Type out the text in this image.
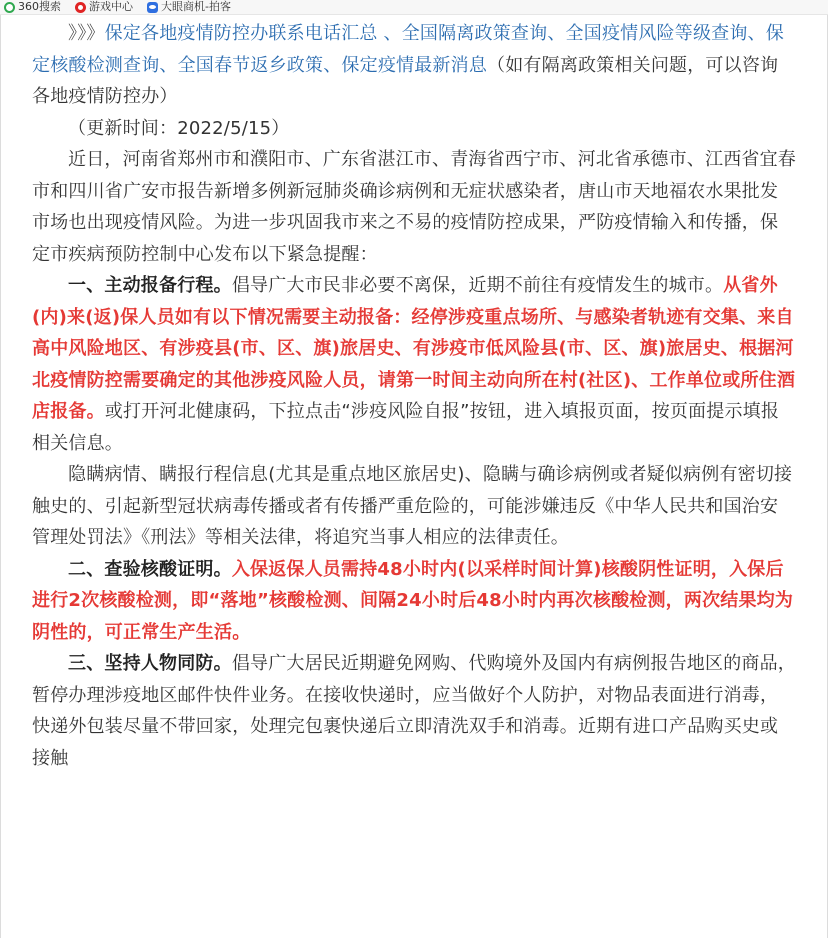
360搜索	游戏中心	大眼商机-拍客

》》》保定各地疫情防控办联系电话汇总 、全国隔离政策查询、全国疫情风险等级查询、保定核酸检测查询、全国春节返乡政策、保定疫情最新消息（如有隔离政策相关问题，可以咨询各地疫情防控办）

（更新时间：2022/5/15）

近日，河南省郑州市和濮阳市、广东省湛江市、青海省西宁市、河北省承德市、江西省宜春市和四川省广安市报告新增多例新冠肺炎确诊病例和无症状感染者，唐山市天地福农水果批发市场也出现疫情风险。为进一步巩固我市来之不易的疫情防控成果，严防疫情输入和传播，保定市疾病预防控制中心发布以下紧急提醒：

一、主动报备行程。倡导广大市民非必要不离保，近期不前往有疫情发生的城市。从省外(内)来(返)保人员如有以下情况需要主动报备：经停涉疫重点场所、与感染者轨迹有交集、来自高中风险地区、有涉疫县(市、区、旗)旅居史、有涉疫市低风险县(市、区、旗)旅居史、根据河北疫情防控需要确定的其他涉疫风险人员，请第一时间主动向所在村(社区)、工作单位或所住酒店报备。或打开河北健康码，下拉点击“涉疫风险自报”按钮，进入填报页面，按页面提示填报相关信息。

隐瞒病情、瞒报行程信息(尤其是重点地区旅居史)、隐瞒与确诊病例或者疑似病例有密切接触史的、引起新型冠状病毒传播或者有传播严重危险的，可能涉嫌违反《中华人民共和国治安管理处罚法》《刑法》等相关法律，将追究当事人相应的法律责任。

二、查验核酸证明。入保返保人员需持48小时内(以采样时间计算)核酸阴性证明，入保后进行2次核酸检测，即“落地”核酸检测、间隔24小时后48小时内再次核酸检测，两次结果均为阴性的，可正常生产生活。

三、坚持人物同防。倡导广大居民近期避免网购、代购境外及国内有病例报告地区的商品，暂停办理涉疫地区邮件快件业务。在接收快递时，应当做好个人防护，对物品表面进行消毒，快递外包装尽量不带回家，处理完包裹快递后立即清洗双手和消毒。近期有进口产品购买史或接触
